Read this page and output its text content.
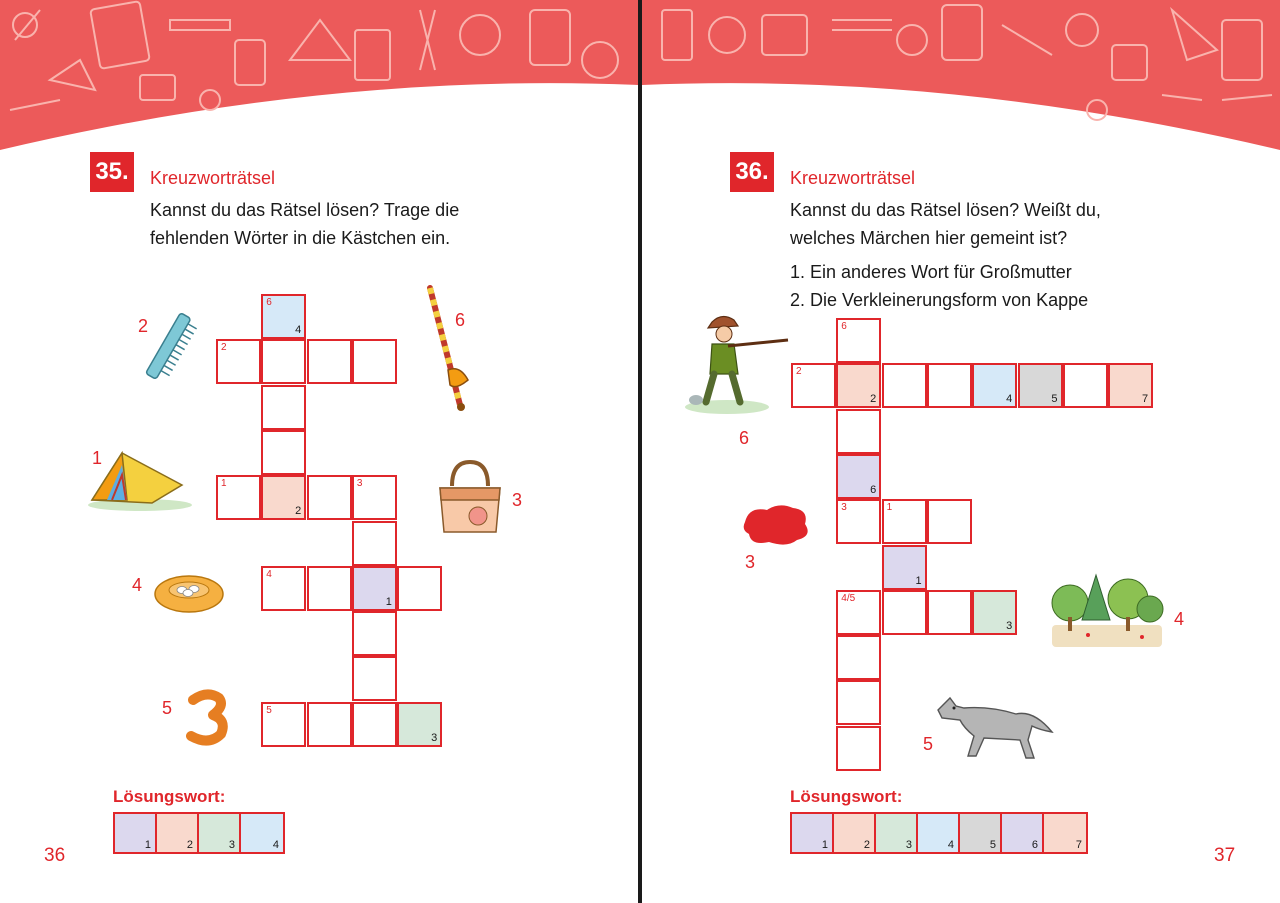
35. Kreuzworträtsel
Kannst du das Rätsel lösen? Trage die
fehlenden Wörter in die Kästchen ein.
2
1
4
5
6
3
6
4
2
1
2
3
4
1
5
3
Lösungswort:
1	2	3	4
36
36. Kreuzworträtsel
Kannst du das Rätsel lösen? Weißt du,
welches Märchen hier gemeint ist?
1. Ein anderes Wort für Großmutter
2. Die Verkleinerungsform von Kappe
6
3
4
5
6
2
2	4	5	7
6
3	1
1
4/5
3
Lösungswort:
1	2	3	4	5	6	7	37
